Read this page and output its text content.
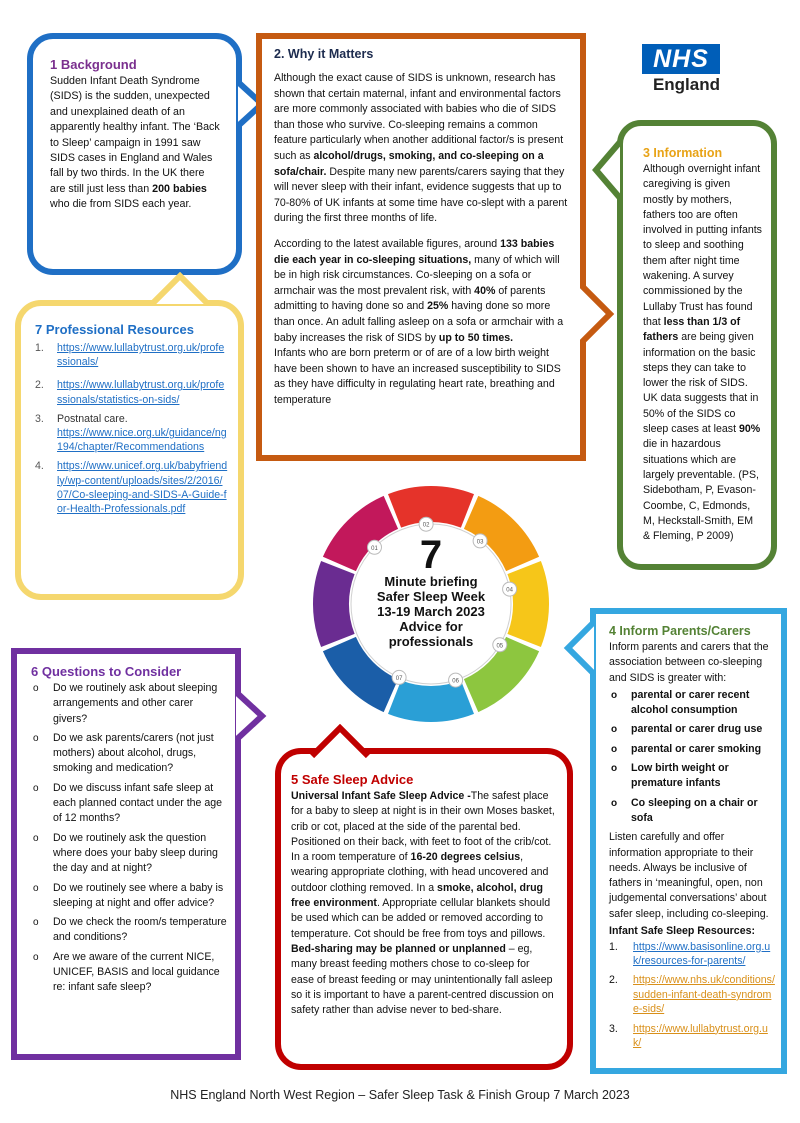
NHS
England
1 Background

Sudden Infant Death Syndrome (SIDS) is the sudden, unexpected and unexplained death of an apparently healthy infant. The ‘Back to Sleep’ campaign in 1991 saw SIDS cases in England and Wales fall by two thirds. In the UK there are still just less than 200 babies who die from SIDS each year.

2. Why it Matters

Although the exact cause of SIDS is unknown, research has shown that certain maternal, infant and environmental factors are more commonly associated with babies who die of SIDS than those who survive. Co-sleeping remains a common feature particularly when another additional factor/s is present such as alcohol/drugs, smoking, and co-sleeping on a sofa/chair. Despite many new parents/carers saying that they will never sleep with their infant, evidence suggests that up to 70-80% of UK infants at some time have co-slept with a parent during the first three months of life.

According to the latest available figures, around 133 babies die each year in co-sleeping situations, many of which will be in high risk circumstances. Co-sleeping on a sofa or armchair was the most prevalent risk, with 40% of parents admitting to having done so and 25% having done so more than once. An adult falling asleep on a sofa or armchair with a baby increases the risk of SIDS by up to 50 times.

Infants who are born preterm or of are of a low birth weight have been shown to have an increased susceptibility to SIDS as they have difficulty in regulating heart rate, breathing and temperature

3 Information

Although overnight infant caregiving is given mostly by mothers, fathers too are often involved in putting infants to sleep and soothing them after night time wakening. A survey commissioned by the Lullaby Trust has found that less than 1/3 of fathers are being given information on the basic steps they can take to lower the risk of SIDS. UK data suggests that in 50% of the SIDS co sleep cases at least 90% die in hazardous situations which are largely preventable. (PS, Sidebotham, P, Evason-Coombe, C, Edmonds, M, Heckstall-Smith, EM & Fleming, P 2009)

7 Professional Resources
1.	https://www.lullabytrust.org.uk/professionals/
2.	https://www.lullabytrust.org.uk/professionals/statistics-on-sids/
3.	Postnatal care.
https://www.nice.org.uk/guidance/ng194/chapter/Recommendations
4.	https://www.unicef.org.uk/babyfriendly/wp-content/uploads/sites/2/2016/07/Co-sleeping-and-SIDS-A-Guide-for-Health-Professionals.pdf
01
02
03
04
05
06
07
7
Minute briefing
Safer Sleep Week
13-19 March 2023
Advice for
professionals
6 Questions to Consider
o Do we routinely ask about sleeping arrangements and other carer givers?
o Do we ask parents/carers (not just mothers) about alcohol, drugs, smoking and medication?
o Do we discuss infant safe sleep at each planned contact under the age of 12 months?
o Do we routinely ask the question where does your baby sleep during the day and at night?
o Do we routinely see where a baby is sleeping at night and offer advice?
o Do we check the room/s temperature and conditions?
o Are we aware of the current NICE, UNICEF, BASIS and local guidance re: infant safe sleep?
5 Safe Sleep Advice

Universal Infant Safe Sleep Advice -The safest place for a baby to sleep at night is in their own Moses basket, crib or cot, placed at the side of the parental bed. Positioned on their back, with feet to foot of the crib/cot. In a room temperature of 16-20 degrees celsius, wearing appropriate clothing, with head uncovered and outdoor clothing removed. In a smoke, alcohol, drug free environment. Appropriate cellular blankets should be used which can be added or removed according to temperature. Cot should be free from toys and pillows.

Bed-sharing may be planned or unplanned – eg, many breast feeding mothers chose to co-sleep for ease of breast feeding or may unintentionally fall asleep so it is important to have a parent-centred discussion on safety rather than advise never to bed-share.

4 Inform Parents/Carers

Inform parents and carers that the association between co-sleeping and SIDS is greater with:

o parental or carer recent alcohol consumption
o parental or carer drug use
o parental or carer smoking
o Low birth weight or premature infants
o Co sleeping on a chair or sofa

Listen carefully and offer information appropriate to their needs. Always be inclusive of fathers in ‘meaningful, open, non judgemental conversations’ about safer sleep, including co-sleeping.

Infant Safe Sleep Resources:
1.	https://www.basisonline.org.uk/resources-for-parents/
2.	https://www.nhs.uk/conditions/sudden-infant-death-syndrome-sids/
3.	https://www.lullabytrust.org.uk/
NHS England North West Region – Safer Sleep Task & Finish Group 7 March 2023
